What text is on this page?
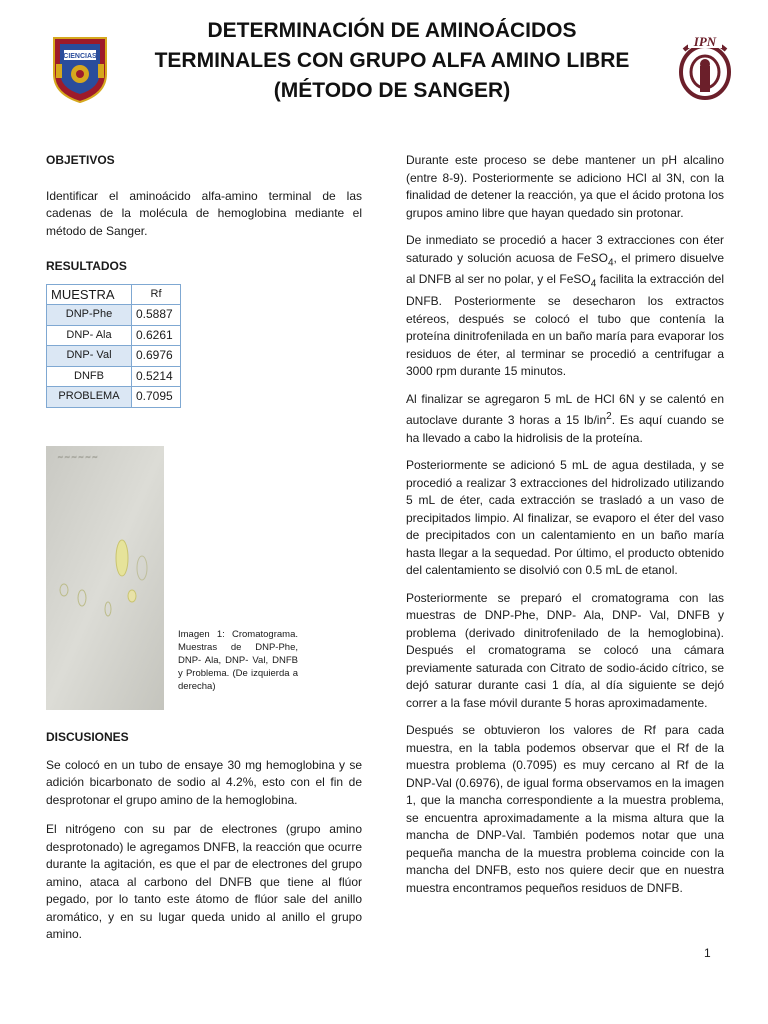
CIENCIAS
DETERMINACIÓN DE AMINOÁCIDOS
TERMINALES CON GRUPO ALFA AMINO LIBRE
(MÉTODO DE SANGER)
IPN

OBJETIVOS

Identificar el aminoácido alfa-amino terminal de las cadenas de la molécula de hemoglobina mediante el método de Sanger.

RESULTADOS

MUESTRA	Rf
DNP-Phe	0.5887
DNP- Ala	0.6261
DNP- Val	0.6976
DNFB	0.5214
PROBLEMA	0.7095
~ ~ ~ ~ ~ ~

Imagen 1: Cromatograma. Muestras de DNP-Phe, DNP- Ala, DNP- Val, DNFB y Problema. (De izquierda a derecha)

DISCUSIONES

Se colocó en un tubo de ensaye 30 mg hemoglobina y se adición bicarbonato de sodio al 4.2%, esto con el fin de desprotonar el grupo amino de la hemoglobina.

El nitrógeno con su par de electrones (grupo amino desprotonado) le agregamos DNFB, la reacción que ocurre durante la agitación, es que el par de electrones del grupo amino, ataca al carbono del DNFB que tiene al flúor pegado, por lo tanto este átomo de flúor sale del anillo aromático, y en su lugar queda unido al anillo el grupo amino.

Durante este proceso se debe mantener un pH alcalino (entre 8-9). Posteriormente se adiciono HCl al 3N, con la finalidad de detener la reacción, ya que el ácido protona los grupos amino libre que hayan quedado sin protonar.

De inmediato se procedió a hacer 3 extracciones con éter saturado y solución acuosa de FeSO$_4$, el primero disuelve al DNFB al ser no polar, y el FeSO$_4$ facilita la extracción del DNFB. Posteriormente se desecharon los extractos etéreos, después se colocó el tubo que contenía la proteína dinitrofenilada en un baño maría para evaporar los residuos de éter, al terminar se procedió a centrifugar a 3000 rpm durante 15 minutos.

Al finalizar se agregaron 5 mL de HCl 6N y se calentó en autoclave durante 3 horas a 15 $lb/in^2$. Es aquí cuando se ha llevado a cabo la hidrolisis de la proteína.

Posteriormente se adicionó 5 mL de agua destilada, y se procedió a realizar 3 extracciones del hidrolizado utilizando 5 mL de éter, cada extracción se trasladó a un vaso de precipitados limpio. Al finalizar, se evaporo el éter del vaso de precipitados con un calentamiento en un baño maría hasta llegar a la sequedad. Por último, el producto obtenido del calentamiento se disolvió con 0.5 mL de etanol.

Posteriormente se preparó el cromatograma con las muestras de DNP-Phe, DNP- Ala, DNP- Val, DNFB y problema (derivado dinitrofenilado de la hemoglobina). Después el cromatograma se colocó una cámara previamente saturada con Citrato de sodio-ácido cítrico, se dejó saturar durante casi 1 día, al día siguiente se dejó correr a la fase móvil durante 5 horas aproximadamente.

Después se obtuvieron los valores de Rf para cada muestra, en la tabla podemos observar que el Rf de la muestra problema (0.7095) es muy cercano al Rf de la DNP-Val (0.6976), de igual forma observamos en la imagen 1, que la mancha correspondiente a la muestra problema, se encuentra aproximadamente a la misma altura que la mancha de DNP-Val. También podemos notar que una pequeña mancha de la muestra problema coincide con la mancha del DNFB, esto nos quiere decir que en nuestra muestra encontramos pequeños residuos de DNFB.

1
